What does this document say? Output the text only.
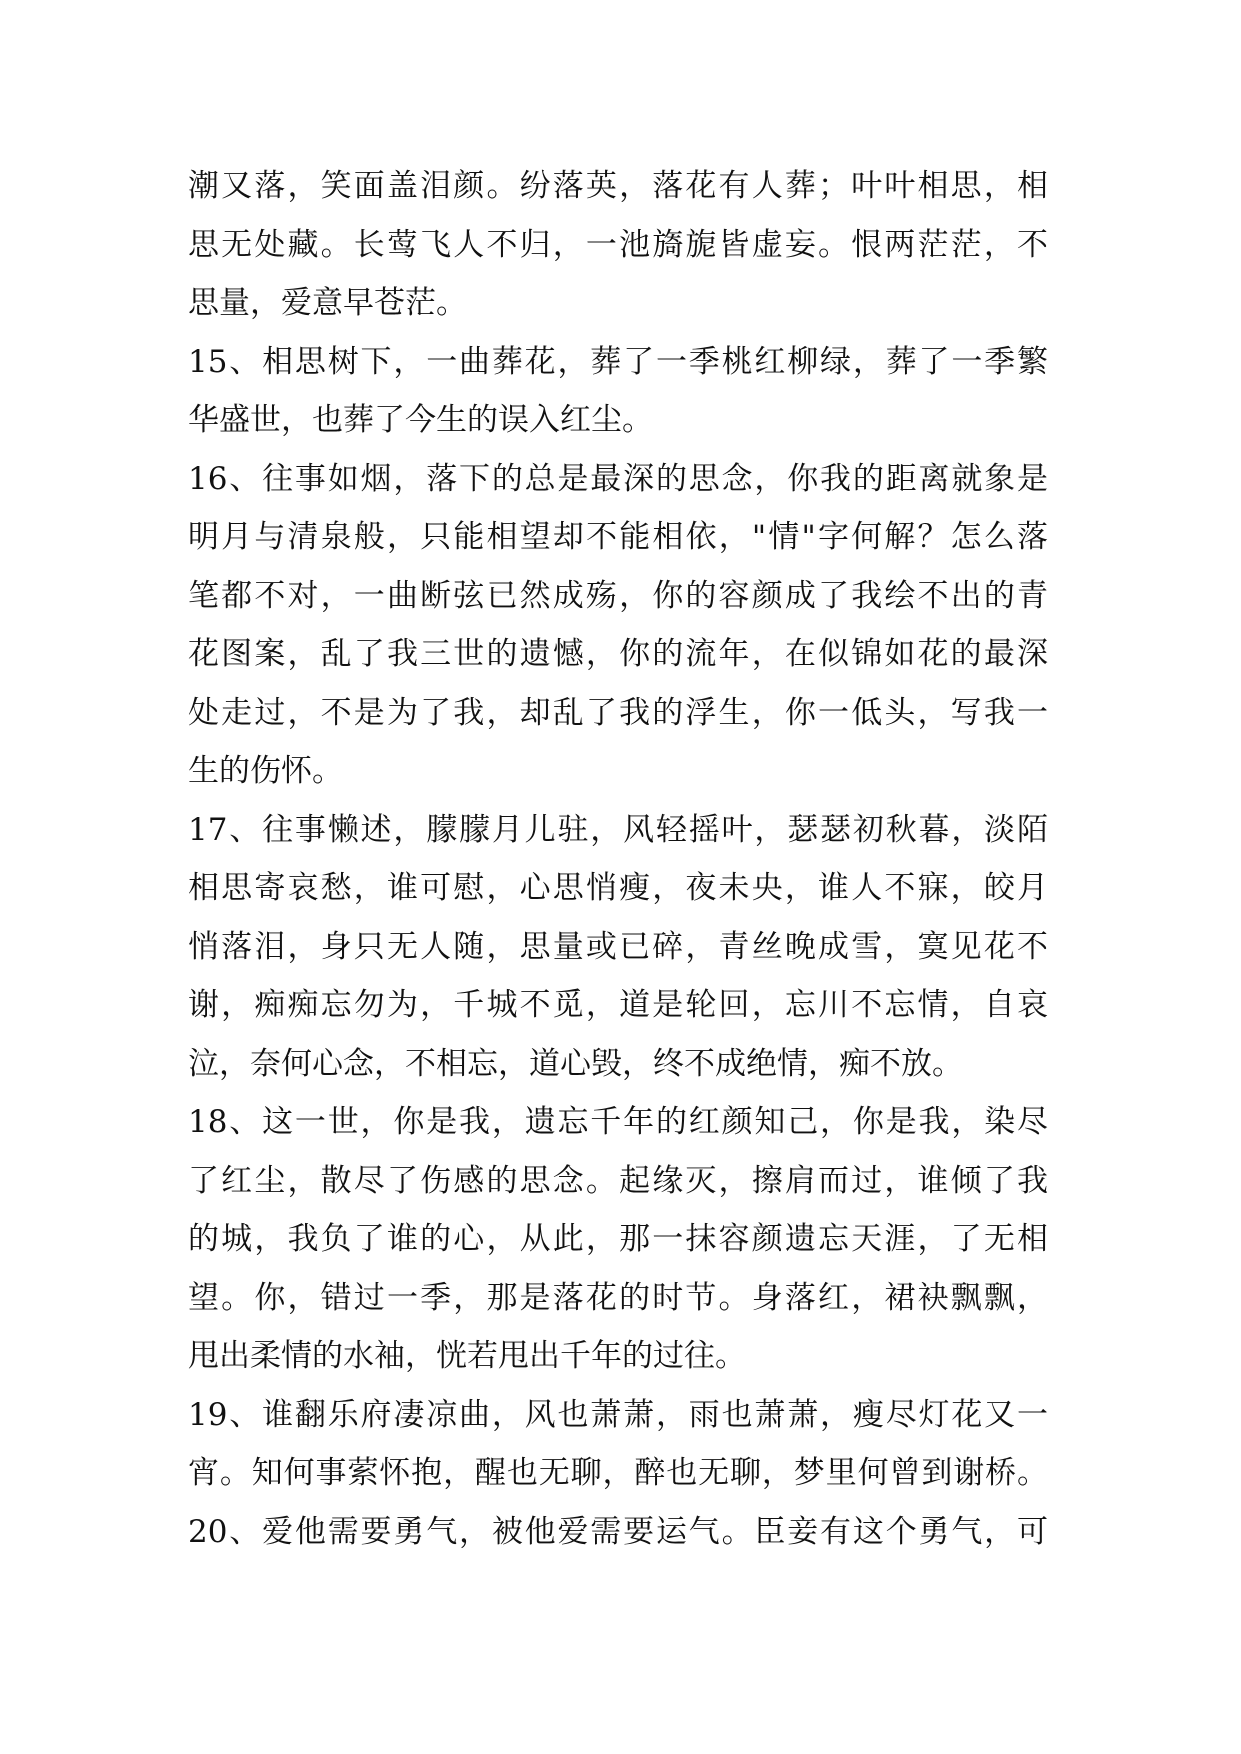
潮又落，笑面盖泪颜。纷落英，落花有人葬；叶叶相思，相
思无处藏。长莺飞人不归，一池旖旎皆虚妄。恨两茫茫，不
思量，爱意早苍茫。
15、相思树下，一曲葬花，葬了一季桃红柳绿，葬了一季繁
华盛世，也葬了今生的误入红尘。
16、往事如烟，落下的总是最深的思念，你我的距离就象是
明月与清泉般，只能相望却不能相依，"情"字何解？怎么落
笔都不对，一曲断弦已然成殇，你的容颜成了我绘不出的青
花图案，乱了我三世的遗憾，你的流年，在似锦如花的最深
处走过，不是为了我，却乱了我的浮生，你一低头，写我一
生的伤怀。
17、往事懒述，朦朦月儿驻，风轻摇叶，瑟瑟初秋暮，淡陌
相思寄哀愁，谁可慰，心思悄瘦，夜未央，谁人不寐，皎月
悄落泪，身只无人随，思量或已碎，青丝晚成雪，寞见花不
谢，痴痴忘勿为，千城不觅，道是轮回，忘川不忘情，自哀
泣，奈何心念，不相忘，道心毁，终不成绝情，痴不放。
18、这一世，你是我，遗忘千年的红颜知己，你是我，染尽
了红尘，散尽了伤感的思念。起缘灭，擦肩而过，谁倾了我
的城，我负了谁的心，从此，那一抹容颜遗忘天涯，了无相
望。你，错过一季，那是落花的时节。身落红，裙袂飘飘，
甩出柔情的水袖，恍若甩出千年的过往。
19、谁翻乐府凄凉曲，风也萧萧，雨也萧萧，瘦尽灯花又一
宵。知何事萦怀抱，醒也无聊，醉也无聊，梦里何曾到谢桥。
20、爱他需要勇气，被他爱需要运气。臣妾有这个勇气，可
